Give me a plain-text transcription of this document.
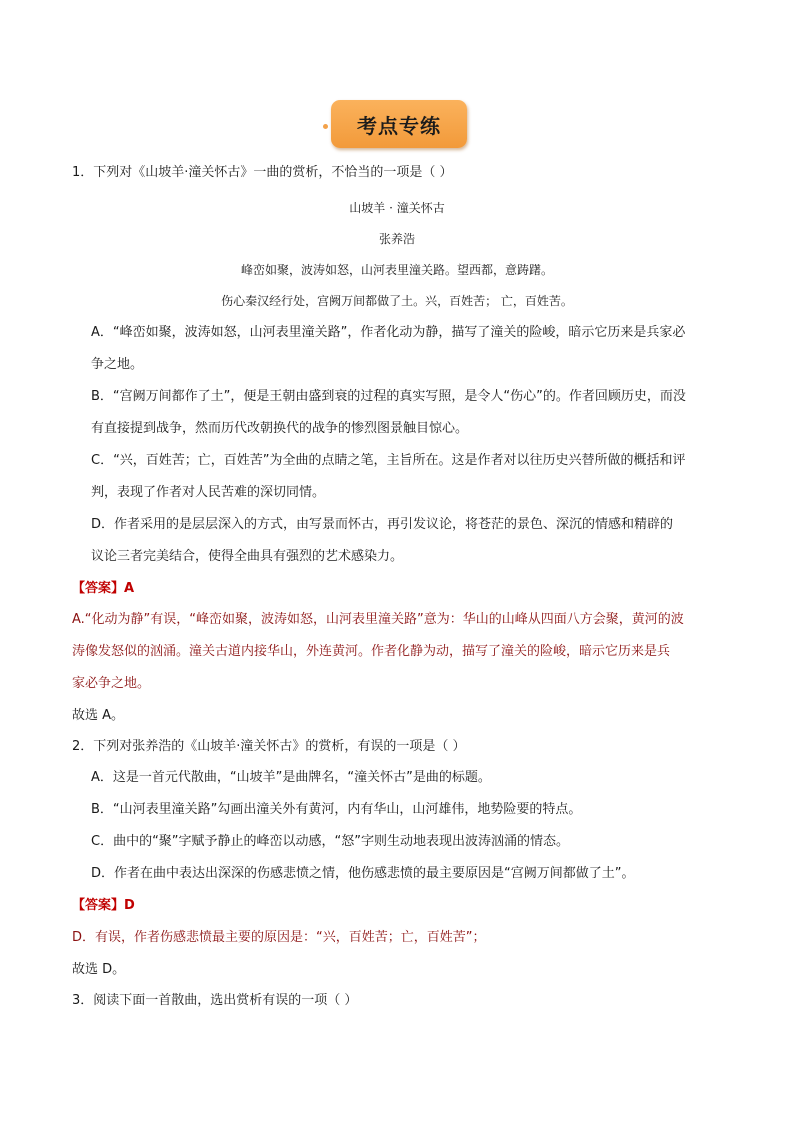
考点专练
1．下列对《山坡羊·潼关怀古》一曲的赏析，不恰当的一项是（ ）
山坡羊 · 潼关怀古
张养浩
峰峦如聚，波涛如怒，山河表里潼关路。望西都，意踌躇。
伤心秦汉经行处，宫阙万间都做了土。兴，百姓苦； 亡，百姓苦。
A．“峰峦如聚，波涛如怒，山河表里潼关路”，作者化动为静，描写了潼关的险峻，暗示它历来是兵家必
争之地。
B．“宫阙万间都作了土”，便是王朝由盛到衰的过程的真实写照，是令人“伤心”的。作者回顾历史，而没
有直接提到战争，然而历代改朝换代的战争的惨烈图景触目惊心。
C．“兴，百姓苦；亡，百姓苦”为全曲的点睛之笔，主旨所在。这是作者对以往历史兴替所做的概括和评
判，表现了作者对人民苦难的深切同情。
D．作者采用的是层层深入的方式，由写景而怀古，再引发议论，将苍茫的景色、深沉的情感和精辟的
议论三者完美结合，使得全曲具有强烈的艺术感染力。
【答案】A
A.“化动为静”有误，“峰峦如聚，波涛如怒，山河表里潼关路”意为：华山的山峰从四面八方会聚，黄河的波
涛像发怒似的汹涌。潼关古道内接华山，外连黄河。作者化静为动，描写了潼关的险峻，暗示它历来是兵
家必争之地。
故选 A。
2．下列对张养浩的《山坡羊·潼关怀古》的赏析，有误的一项是（ ）
A．这是一首元代散曲，“山坡羊”是曲牌名，“潼关怀古”是曲的标题。
B．“山河表里潼关路”勾画出潼关外有黄河，内有华山，山河雄伟，地势险要的特点。
C．曲中的“聚”字赋予静止的峰峦以动感，“怒”字则生动地表现出波涛汹涌的情态。
D．作者在曲中表达出深深的伤感悲愤之情，他伤感悲愤的最主要原因是“宫阙万间都做了土”。
【答案】D
D．有误，作者伤感悲愤最主要的原因是：“兴，百姓苦；亡，百姓苦”；
故选 D。
3．阅读下面一首散曲，选出赏析有误的一项（ ）
